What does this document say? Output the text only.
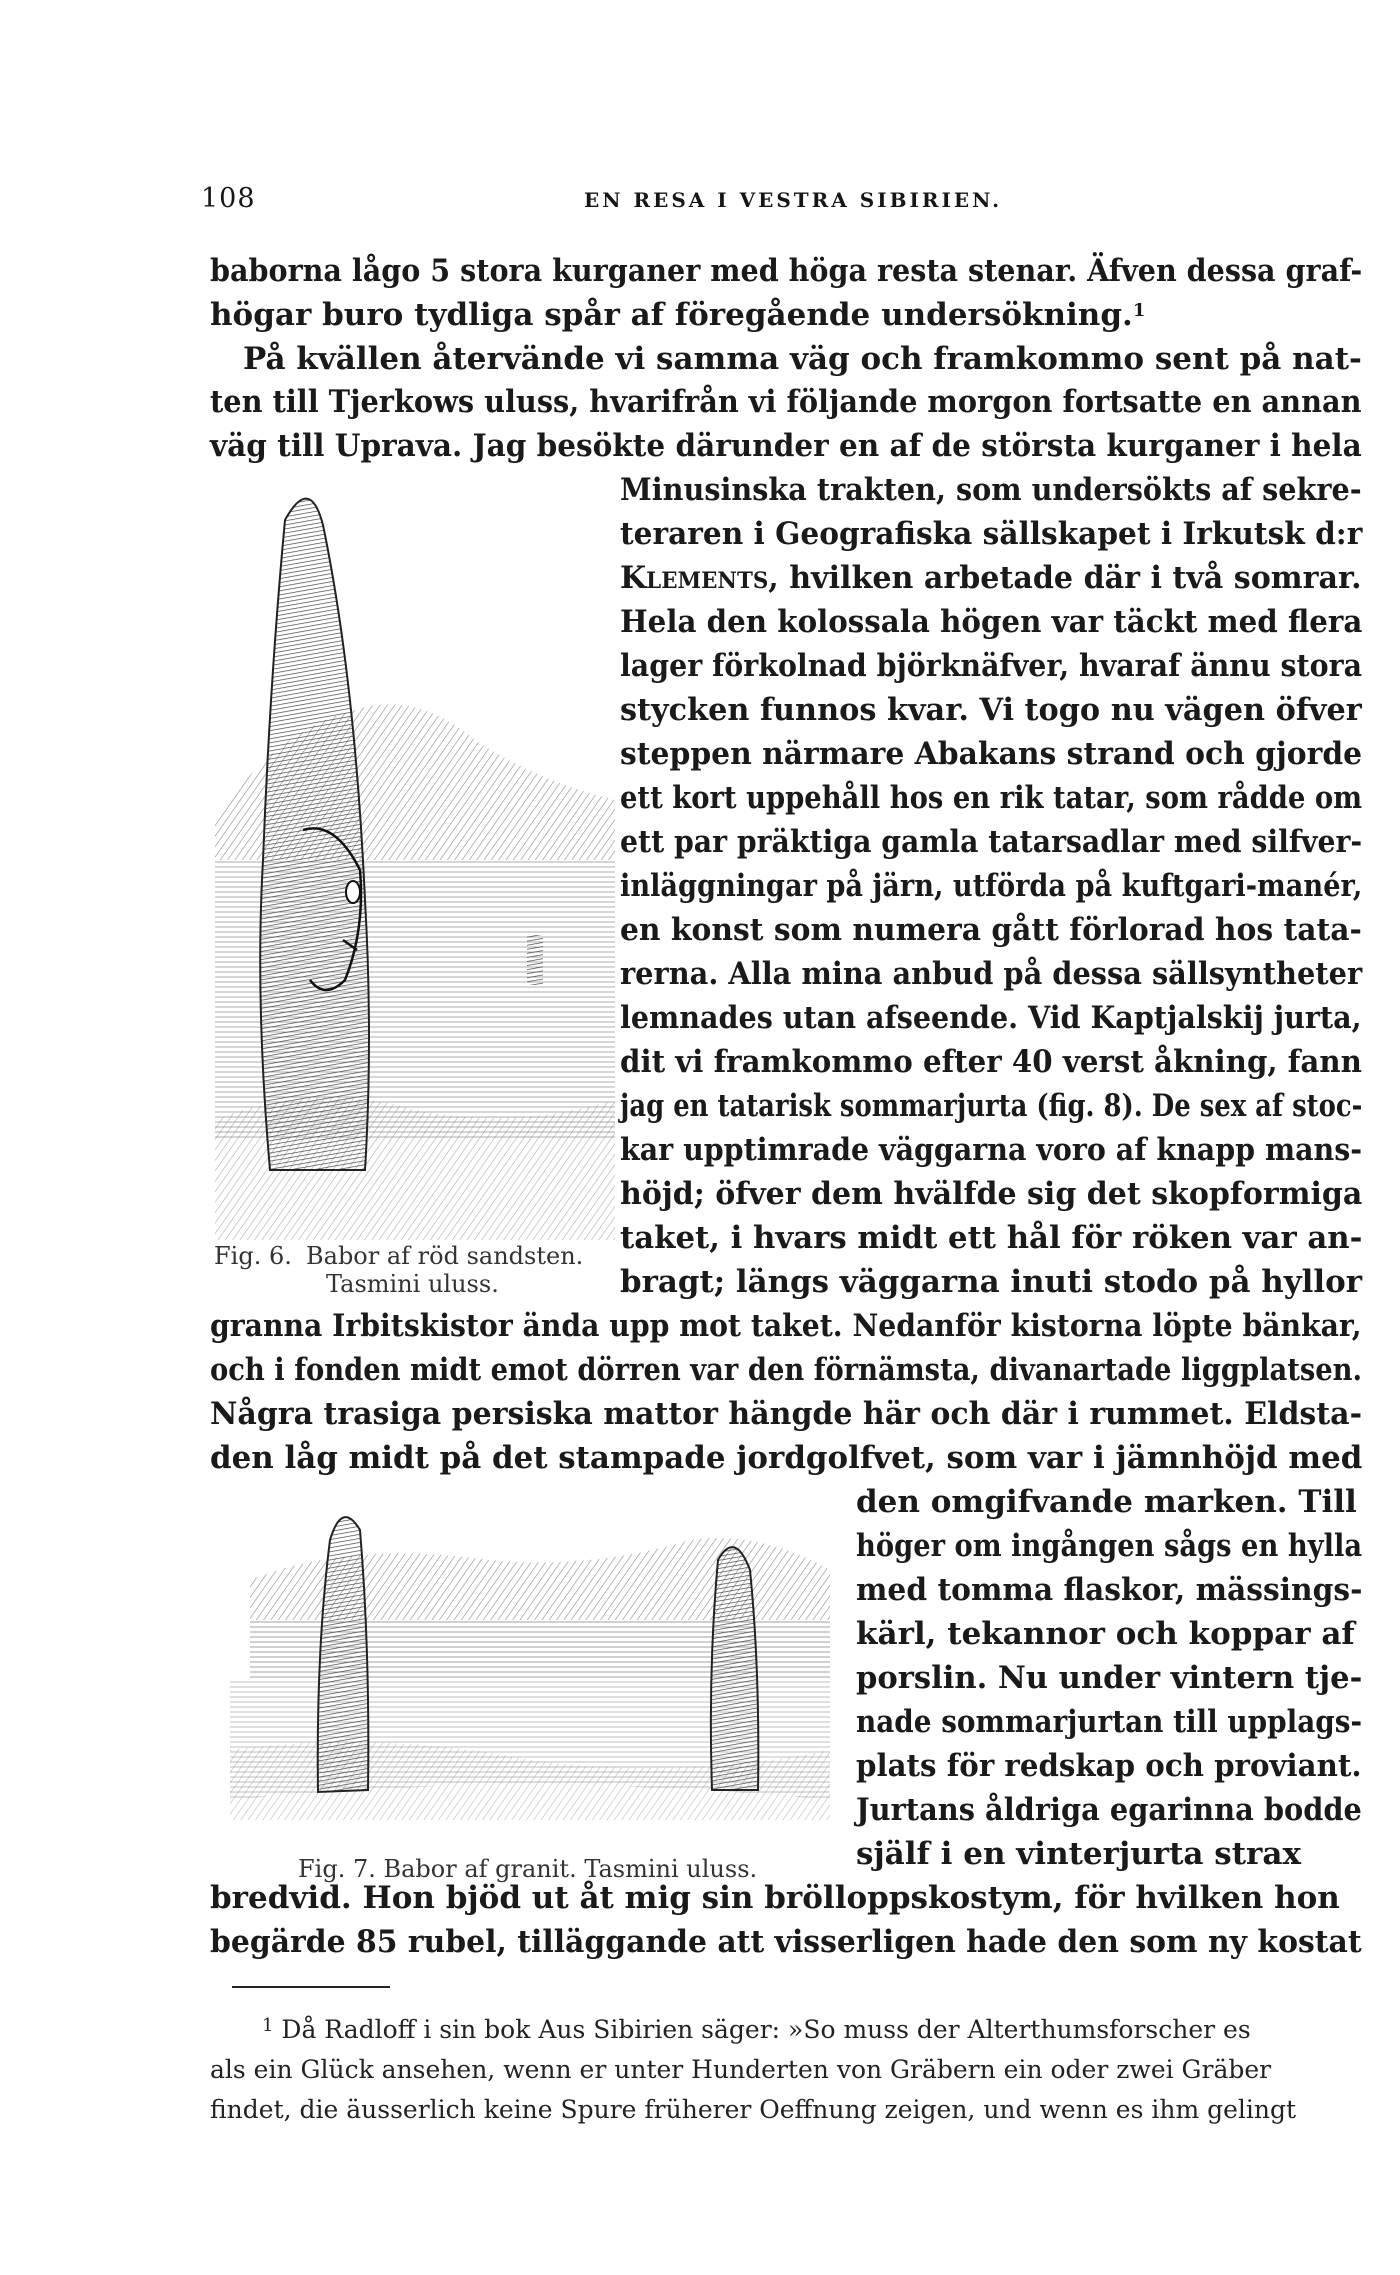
108	EN RESA I VESTRA SIBIRIEN.
Fig. 6. Babor af röd sandsten.
Tasmini uluss.
Fig. 7. Babor af granit. Tasmini uluss.
baborna lågo 5 stora kurganer med höga resta stenar. Äfven dessa graf-
högar buro tydliga spår af föregående undersökning.$^1$
På kvällen återvände vi samma väg och framkommo sent på nat-
ten till Tjerkows uluss, hvarifrån vi följande morgon fortsatte en annan
väg till Uprava. Jag besökte därunder en af de största kurganer i hela
Minusinska trakten, som undersökts af sekre-
teraren i Geografiska sällskapet i Irkutsk d:r
Klements, hvilken arbetade där i två somrar.
Hela den kolossala högen var täckt med flera
lager förkolnad björknäfver, hvaraf ännu stora
stycken funnos kvar. Vi togo nu vägen öfver
steppen närmare Abakans strand och gjorde
ett kort uppehåll hos en rik tatar, som rådde om
ett par präktiga gamla tatarsadlar med silfver-
inläggningar på järn, utförda på kuftgari-manér,
en konst som numera gått förlorad hos tata-
rerna. Alla mina anbud på dessa sällsyntheter
lemnades utan afseende. Vid Kaptjalskij jurta,
dit vi framkommo efter 40 verst åkning, fann
jag en tatarisk sommarjurta (fig. 8). De sex af stoc-
kar upptimrade väggarna voro af knapp mans-
höjd; öfver dem hvälfde sig det skopformiga
taket, i hvars midt ett hål för röken var an-
bragt; längs väggarna inuti stodo på hyllor
granna Irbitskistor ända upp mot taket. Nedanför kistorna löpte bänkar,
och i fonden midt emot dörren var den förnämsta, divanartade liggplatsen.
Några trasiga persiska mattor hängde här och där i rummet. Eldsta-
den låg midt på det stampade jordgolfvet, som var i jämnhöjd med
den omgifvande marken. Till
höger om ingången sågs en hylla
med tomma flaskor, mässings-
kärl, tekannor och koppar af
porslin. Nu under vintern tje-
nade sommarjurtan till upplags-
plats för redskap och proviant.
Jurtans åldriga egarinna bodde
själf i en vinterjurta strax
bredvid. Hon bjöd ut åt mig sin brölloppskostym, för hvilken hon
begärde 85 rubel, tilläggande att visserligen hade den som ny kostat
$^1$ Då Radloff i sin bok Aus Sibirien säger: »So muss der Alterthumsforscher es
als ein Glück ansehen, wenn er unter Hunderten von Gräbern ein oder zwei Gräber
findet, die äusserlich keine Spure früherer Oeffnung zeigen, und wenn es ihm gelingt
